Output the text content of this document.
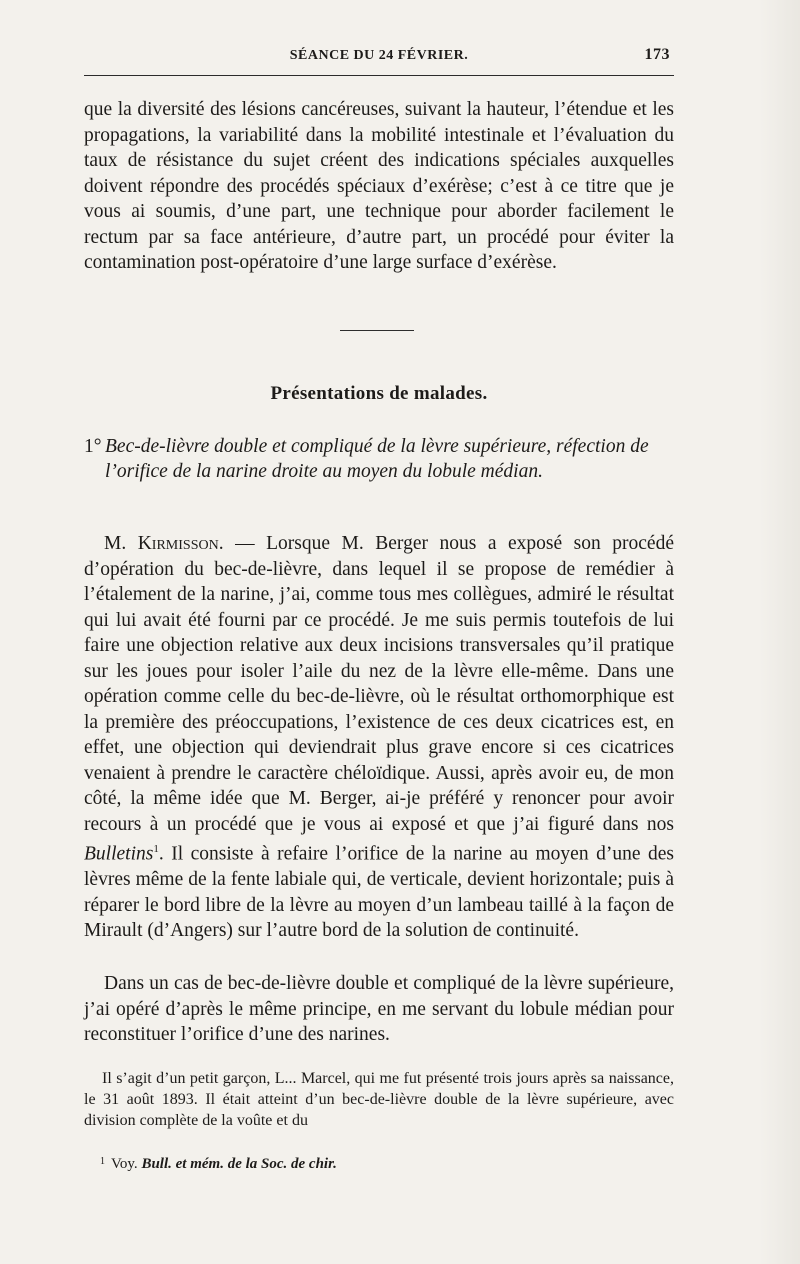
SÉANCE DU 24 FÉVRIER.	173

que la diversité des lésions cancéreuses, suivant la hauteur, l’étendue et les propagations, la variabilité dans la mobilité intestinale et l’évaluation du taux de résistance du sujet créent des indications spéciales auxquelles doivent répondre des procédés spéciaux d’exérèse; c’est à ce titre que je vous ai soumis, d’une part, une technique pour aborder facilement le rectum par sa face antérieure, d’autre part, un procédé pour éviter la contamination post-opératoire d’une large surface d’exérèse.

Présentations de malades.
1° Bec-de-lièvre double et compliqué de la lèvre supérieure, réfection de l’orifice de la narine droite au moyen du lobule médian.

M. Kirmisson. — Lorsque M. Berger nous a exposé son procédé d’opération du bec-de-lièvre, dans lequel il se propose de remédier à l’étalement de la narine, j’ai, comme tous mes collègues, admiré le résultat qui lui avait été fourni par ce procédé. Je me suis permis toutefois de lui faire une objection relative aux deux incisions transversales qu’il pratique sur les joues pour isoler l’aile du nez de la lèvre elle-même. Dans une opération comme celle du bec-de-lièvre, où le résultat orthomorphique est la première des préoccupations, l’existence de ces deux cicatrices est, en effet, une objection qui deviendrait plus grave encore si ces cicatrices venaient à prendre le caractère chéloïdique. Aussi, après avoir eu, de mon côté, la même idée que M. Berger, ai-je préféré y renoncer pour avoir recours à un procédé que je vous ai exposé et que j’ai figuré dans nos Bulletins$^1$. Il consiste à refaire l’orifice de la narine au moyen d’une des lèvres même de la fente labiale qui, de verticale, devient horizontale; puis à réparer le bord libre de la lèvre au moyen d’un lambeau taillé à la façon de Mirault (d’Angers) sur l’autre bord de la solution de continuité.

Dans un cas de bec-de-lièvre double et compliqué de la lèvre supérieure, j’ai opéré d’après le même principe, en me servant du lobule médian pour reconstituer l’orifice d’une des narines.

Il s’agit d’un petit garçon, L... Marcel, qui me fut présenté trois jours après sa naissance, le 31 août 1893. Il était atteint d’un bec-de-lièvre double de la lèvre supérieure, avec division complète de la voûte et du

$^1$ Voy. Bull. et mém. de la Soc. de chir.
